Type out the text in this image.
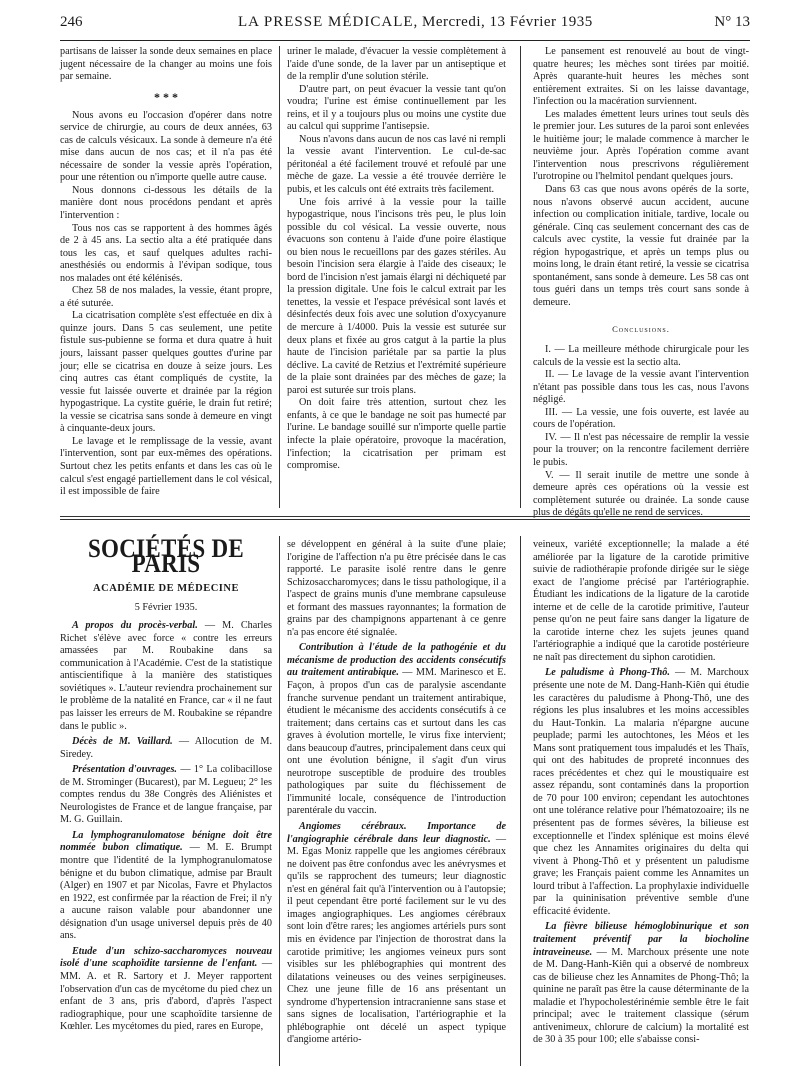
246	LA PRESSE MÉDICALE, Mercredi, 13 Février 1935	N° 13

partisans de laisser la sonde deux semaines en place jugent nécessaire de la changer au moins une fois par semaine.

* * *

Nous avons eu l'occasion d'opérer dans notre service de chirurgie, au cours de deux années, 63 cas de calculs vésicaux. La sonde à demeure n'a été mise dans aucun de nos cas; et il n'a pas été nécessaire de sonder la vessie après l'opération, pour une rétention ou n'importe quelle autre cause.

Nous donnons ci-dessous les détails de la manière dont nous procédons pendant et après l'intervention :

Tous nos cas se rapportent à des hommes âgés de 2 à 45 ans. La sectio alta a été pratiquée dans tous les cas, et sauf quelques adultes rachi-anesthésiés ou endormis à l'évipan sodique, tous nos malades ont été kélénisés.

Chez 58 de nos malades, la vessie, étant propre, a été suturée.

La cicatrisation complète s'est effectuée en dix à quinze jours. Dans 5 cas seulement, une petite fistule sus-pubienne se forma et dura quatre à huit jours, laissant passer quelques gouttes d'urine par jour; elle se cicatrisa en douze à seize jours. Les cinq autres cas étant compliqués de cystite, la vessie fut laissée ouverte et drainée par la région hypogastrique. La cystite guérie, le drain fut retiré; la vessie se cicatrisa sans sonde à demeure en vingt à cinquante-deux jours.

Le lavage et le remplissage de la vessie, avant l'intervention, sont par eux-mêmes des opérations. Surtout chez les petits enfants et dans les cas où le calcul s'est engagé partiellement dans le col vésical, il est impossible de faire

uriner le malade, d'évacuer la vessie complètement à l'aide d'une sonde, de la laver par un antiseptique et de la remplir d'une solution stérile.

D'autre part, on peut évacuer la vessie tant qu'on voudra; l'urine est émise continuellement par les reins, et il y a toujours plus ou moins une cystite due au calcul qui supprime l'antisepsie.

Nous n'avons dans aucun de nos cas lavé ni rempli la vessie avant l'intervention. Le cul-de-sac péritonéal a été facilement trouvé et refoulé par une mèche de gaze. La vessie a été trouvée derrière le pubis, et les calculs ont été extraits très facilement.

Une fois arrivé à la vessie pour la taille hypogastrique, nous l'incisons très peu, le plus loin possible du col vésical. La vessie ouverte, nous évacuons son contenu à l'aide d'une poire élastique ou bien nous le recueillons par des gazes stériles. Au besoin l'incision sera élargie à l'aide des ciseaux; le bord de l'incision n'est jamais élargi ni déchiqueté par la pression digitale. Une fois le calcul extrait par les tenettes, la vessie et l'espace prévésical sont lavés et désinfectés deux fois avec une solution d'oxycyanure de mercure à 1/4000. Puis la vessie est suturée sur deux plans et fixée au gros catgut à la partie la plus haute de l'incision pariétale par sa partie la plus déclive. La cavité de Retzius et l'extrémité supérieure de la plaie sont drainées par des mèches de gaze; la paroi est suturée sur trois plans.

On doit faire très attention, surtout chez les enfants, à ce que le bandage ne soit pas humecté par l'urine. Le bandage souillé sur n'importe quelle partie infecte la plaie opératoire, provoque la macération, l'infection; la cicatrisation per primam est compromise.

Le pansement est renouvelé au bout de vingt-quatre heures; les mèches sont tirées par moitié. Après quarante-huit heures les mèches sont entièrement extraites. Si on les laisse davantage, l'infection ou la macération surviennent.

Les malades émettent leurs urines tout seuls dès le premier jour. Les sutures de la paroi sont enlevées le huitième jour; le malade commence à marcher le neuvième jour. Après l'opération comme avant l'intervention nous prescrivons régulièrement l'urotropine ou l'helmitol pendant quelques jours.

Dans 63 cas que nous avons opérés de la sorte, nous n'avons observé aucun accident, aucune infection ou complication initiale, tardive, locale ou générale. Cinq cas seulement concernant des cas de calculs avec cystite, la vessie fut drainée par la région hypogastrique, et après un temps plus ou moins long, le drain étant retiré, la vessie se cicatrisa spontanément, sans sonde à demeure. Les 58 cas ont tous guéri dans un temps très court sans sonde à demeure.

Conclusions.

I. — La meilleure méthode chirurgicale pour les calculs de la vessie est la sectio alta.

II. — Le lavage de la vessie avant l'intervention n'étant pas possible dans tous les cas, nous l'avons négligé.

III. — La vessie, une fois ouverte, est lavée au cours de l'opération.

IV. — Il n'est pas nécessaire de remplir la vessie pour la trouver; on la rencontre facilement derrière le pubis.

V. — Il serait inutile de mettre une sonde à demeure après ces opérations où la vessie est complètement suturée ou drainée. La sonde cause plus de dégâts qu'elle ne rend de services.

SOCIÉTÉS DE PARIS
ACADÉMIE DE MÉDECINE
5 Février 1935.

A propos du procès-verbal. — M. Charles Richet s'élève avec force « contre les erreurs amassées par M. Roubakine dans sa communication à l'Académie. C'est de la statistique antiscientifique à la manière des statistiques soviétiques ». L'auteur reviendra prochainement sur le problème de la natalité en France, car « il ne faut pas laisser les erreurs de M. Roubakine se répandre dans le public ».

Décès de M. Vaillard. — Allocution de M. Siredey.

Présentation d'ouvrages. — 1° La colibacillose de M. Strominger (Bucarest), par M. Legueu; 2° les comptes rendus du 38e Congrès des Aliénistes et Neurologistes de France et de langue française, par M. G. Guillain.

La lymphogranulomatose bénigne doit être nommée bubon climatique. — M. E. Brumpt montre que l'identité de la lymphogranulomatose bénigne et du bubon climatique, admise par Brault (Alger) en 1907 et par Nicolas, Favre et Phylactos en 1922, est confirmée par la réaction de Frei; il n'y a aucune raison valable pour abandonner une désignation d'un usage universel depuis près de 40 ans.

Etude d'un schizo-saccharomyces nouveau isolé d'une scaphoïdite tarsienne de l'enfant. — MM. A. et R. Sartory et J. Meyer rapportent l'observation d'un cas de mycétome du pied chez un enfant de 3 ans, pris d'abord, d'après l'aspect radiographique, pour une scaphoïdite tarsienne de Kœhler. Les mycétomes du pied, rares en Europe,

se développent en général à la suite d'une plaie; l'origine de l'affection n'a pu être précisée dans le cas rapporté. Le parasite isolé rentre dans le genre Schizosaccharomyces; dans le tissu pathologique, il a l'aspect de grains munis d'une membrane capsuleuse et formant des massues rayonnantes; la formation de grains par des champignons appartenant à ce genre n'a pas encore été signalée.

Contribution à l'étude de la pathogénie et du mécanisme de production des accidents consécutifs au traitement antirabique. — MM. Marinesco et E. Façon, à propos d'un cas de paralysie ascendante franche survenue pendant un traitement antirabique, étudient le mécanisme des accidents consécutifs à ce traitement; dans certains cas et surtout dans les cas graves à évolution mortelle, le virus fixe intervient; dans beaucoup d'autres, principalement dans ceux qui ont une évolution bénigne, il s'agit d'un virus neurotrope susceptible de produire des troubles pathologiques par suite du fléchissement de l'immunité locale, conséquence de l'introduction parentérale du vaccin.

Angiomes cérébraux. Importance de l'angiographie cérébrale dans leur diagnostic. — M. Egas Moniz rappelle que les angiomes cérébraux ne doivent pas être confondus avec les anévrysmes et qu'ils se rapprochent des tumeurs; leur diagnostic n'est en général fait qu'à l'intervention ou à l'autopsie; il peut cependant être porté facilement sur le vu des images angiographiques. Les angiomes cérébraux sont loin d'être rares; les angiomes artériels purs sont mis en évidence par l'injection de thorostrat dans la carotide primitive; les angiomes veineux purs sont visibles sur les phlébographies qui montrent des dilatations veineuses ou des veines serpigineuses. Chez une jeune fille de 16 ans présentant un syndrome d'hypertension intracranienne sans stase et sans signes de localisation, l'artériographie et la phlébographie ont décelé un aspect typique d'angiome artério-

veineux, variété exceptionnelle; la malade a été améliorée par la ligature de la carotide primitive suivie de radiothérapie profonde dirigée sur le siège exact de l'angiome précisé par l'artériographie. Étudiant les indications de la ligature de la carotide interne et de celle de la carotide primitive, l'auteur pense qu'on ne peut faire sans danger la ligature de la carotide interne chez les sujets jeunes quand l'artériographie a indiqué que la carotide postérieure ne naît pas directement du siphon carotidien.

Le paludisme à Phong-Thô. — M. Marchoux présente une note de M. Dang-Hanh-Kiên qui étudie les caractères du paludisme à Phong-Thô, une des régions les plus insalubres et les moins accessibles du Haut-Tonkin. La malaria n'épargne aucune peuplade; parmi les autochtones, les Méos et les Mans sont pratiquement tous impaludés et les Thaïs, qui ont des habitudes de propreté inconnues des races précédentes et chez qui le moustiquaire est assez répandu, sont contaminés dans la proportion de 70 pour 100 environ; cependant les autochtones ont une tolérance relative pour l'hématozoaire; ils ne présentent pas de formes sévères, la bilieuse est exceptionnelle et l'index splénique est moins élevé que chez les Annamites originaires du delta qui vivent à Phong-Thô et y présentent un paludisme grave; les Français paient comme les Annamites un lourd tribut à l'affection. La prophylaxie individuelle par la quininisation préventive semble d'une efficacité évidente.

La fièvre bilieuse hémoglobinurique et son traitement préventif par la biocholine intraveineuse. — M. Marchoux présente une note de M. Dang-Hanh-Kiên qui a observé de nombreux cas de bilieuse chez les Annamites de Phong-Thô; la quinine ne paraît pas être la cause déterminante de la maladie et l'hypocholestérinémie semble être le fait principal; avec le traitement classique (sérum antivenimeux, chlorure de calcium) la mortalité est de 30 à 35 pour 100; elle s'abaisse consi-
